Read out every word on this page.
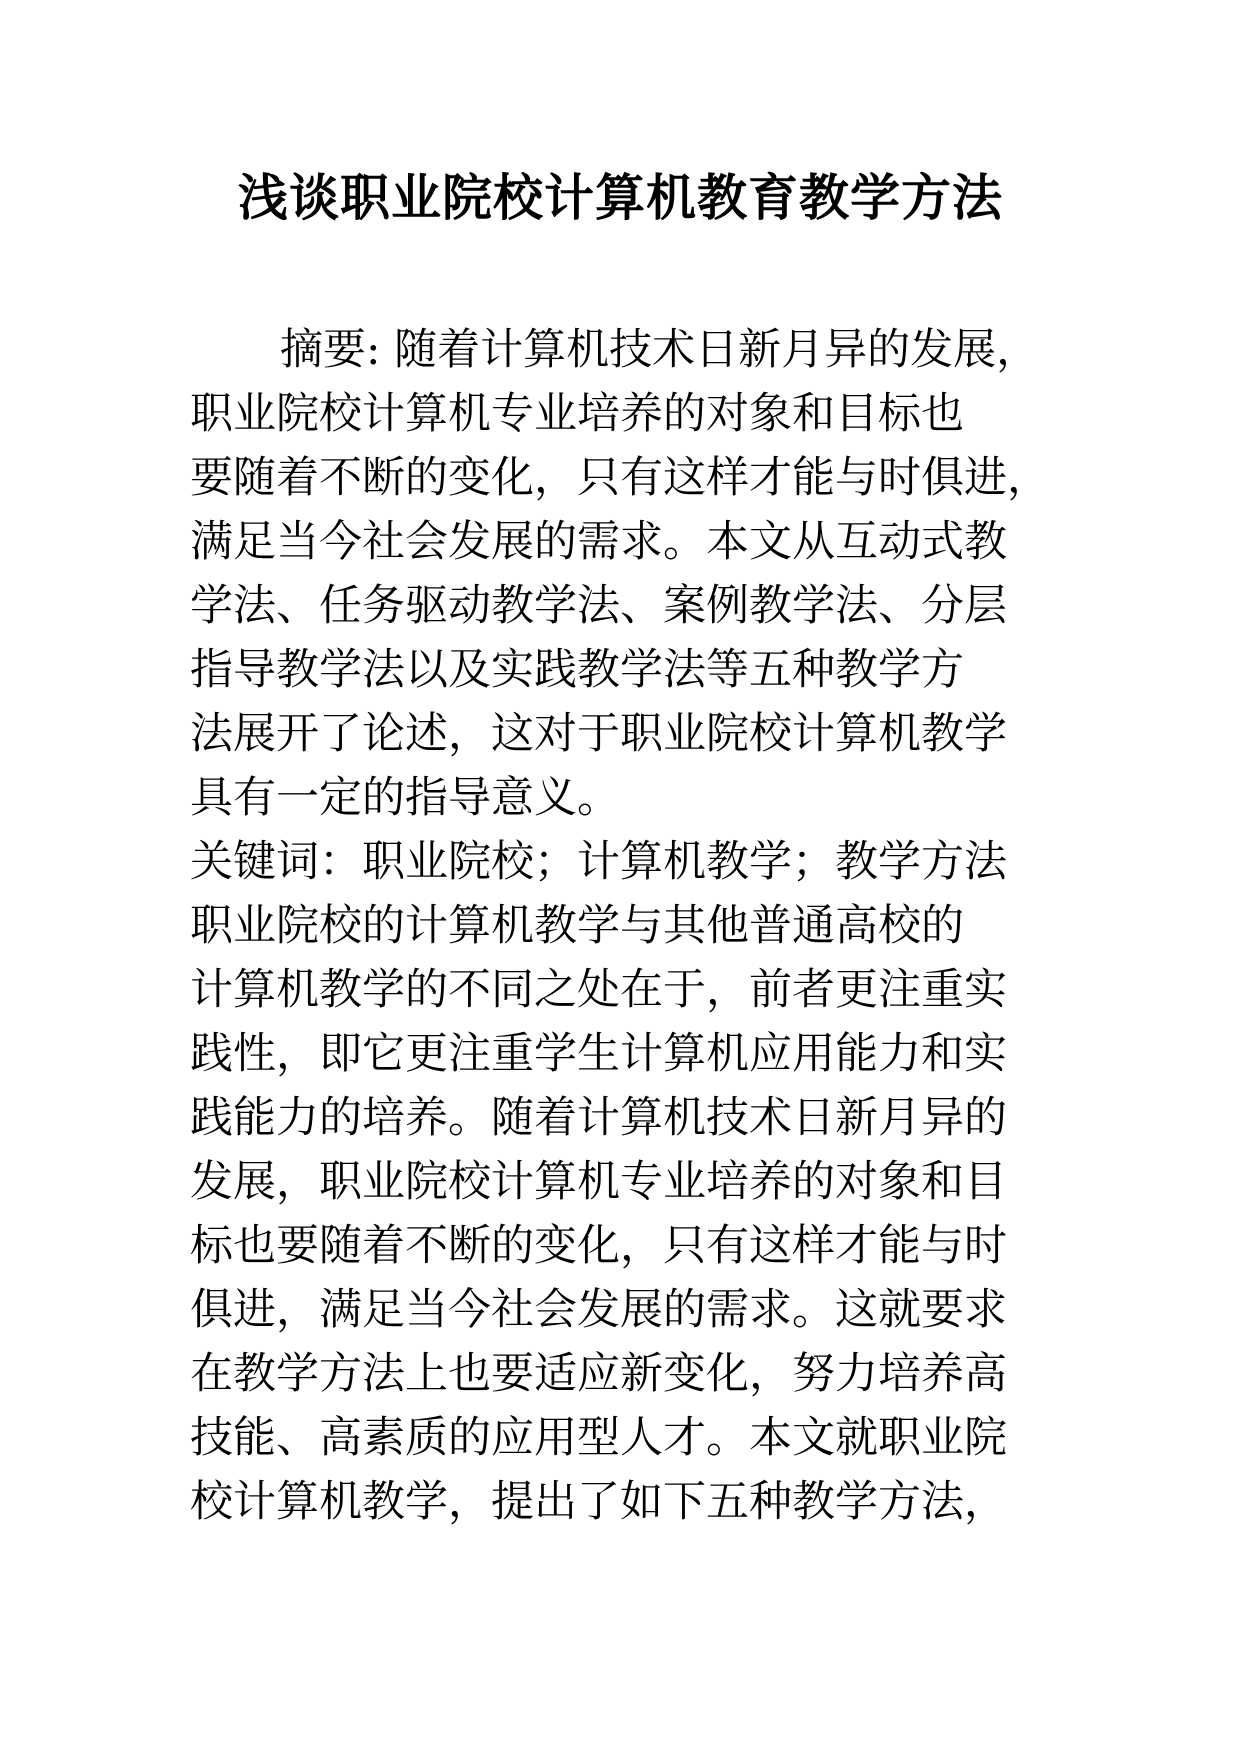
浅谈职业院校计算机教育教学方法
摘要: 随着计算机技术日新月异的发展，
职业院校计算机专业培养的对象和目标也
要随着不断的变化，只有这样才能与时俱进，
满足当今社会发展的需求。本文从互动式教
学法、任务驱动教学法、案例教学法、分层
指导教学法以及实践教学法等五种教学方
法展开了论述，这对于职业院校计算机教学
具有一定的指导意义。
关键词：职业院校；计算机教学；教学方法
职业院校的计算机教学与其他普通高校的
计算机教学的不同之处在于，前者更注重实
践性，即它更注重学生计算机应用能力和实
践能力的培养。随着计算机技术日新月异的
发展，职业院校计算机专业培养的对象和目
标也要随着不断的变化，只有这样才能与时
俱进，满足当今社会发展的需求。这就要求
在教学方法上也要适应新变化，努力培养高
技能、高素质的应用型人才。本文就职业院
校计算机教学，提出了如下五种教学方法，
